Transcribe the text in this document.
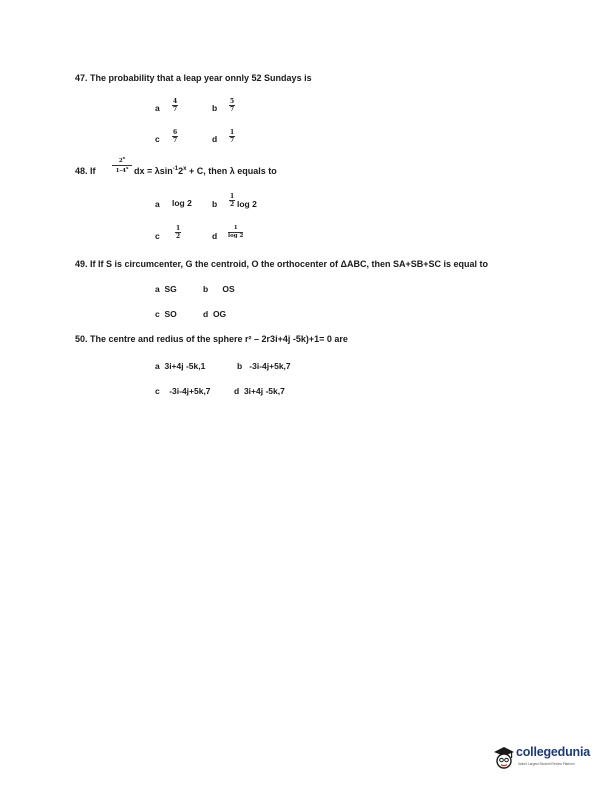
47. The probability that a leap year onnly 52 Sundays is
a $\frac{4}{7}$	b $\frac{5}{7}$
c $\frac{6}{7}$	d $\frac{1}{7}$
48. If	$\frac{2^x}{1-4^x}$ dx = $\lambda\sin^{-1}2^x + C$, then λ equals to
a log 2 b $\frac{1}{2}$ log 2
c	$\frac{1}{2}$	d $\frac{1}{\log 2}$
49. If If S is circumcenter, G the centroid, O the orthocenter of ΔABC, then SA+SB+SC is equal to
a SG	b OS
c SO	d OG
50. The centre and redius of the sphere r² – 2r3i+4j -5k)+1= 0 are
a 3i+4j -5k,1	b -3i-4j+5k,7
c -3i-4j+5k,7	d 3i+4j -5k,7
collegedunia
India's Largest Student Review Platform
